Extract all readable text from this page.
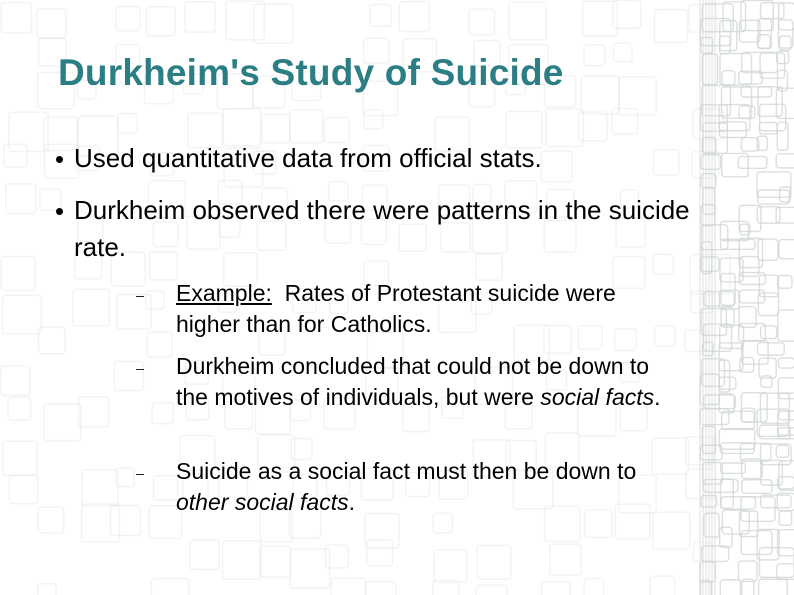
Durkheim's Study of Suicide
Used quantitative data from official stats.
Durkheim observed there were patterns in the suicide rate.
Example:  Rates of Protestant suicide were higher than for Catholics.
Durkheim concluded that could not be down to the motives of individuals, but were social facts.
Suicide as a social fact must then be down to other social facts.
